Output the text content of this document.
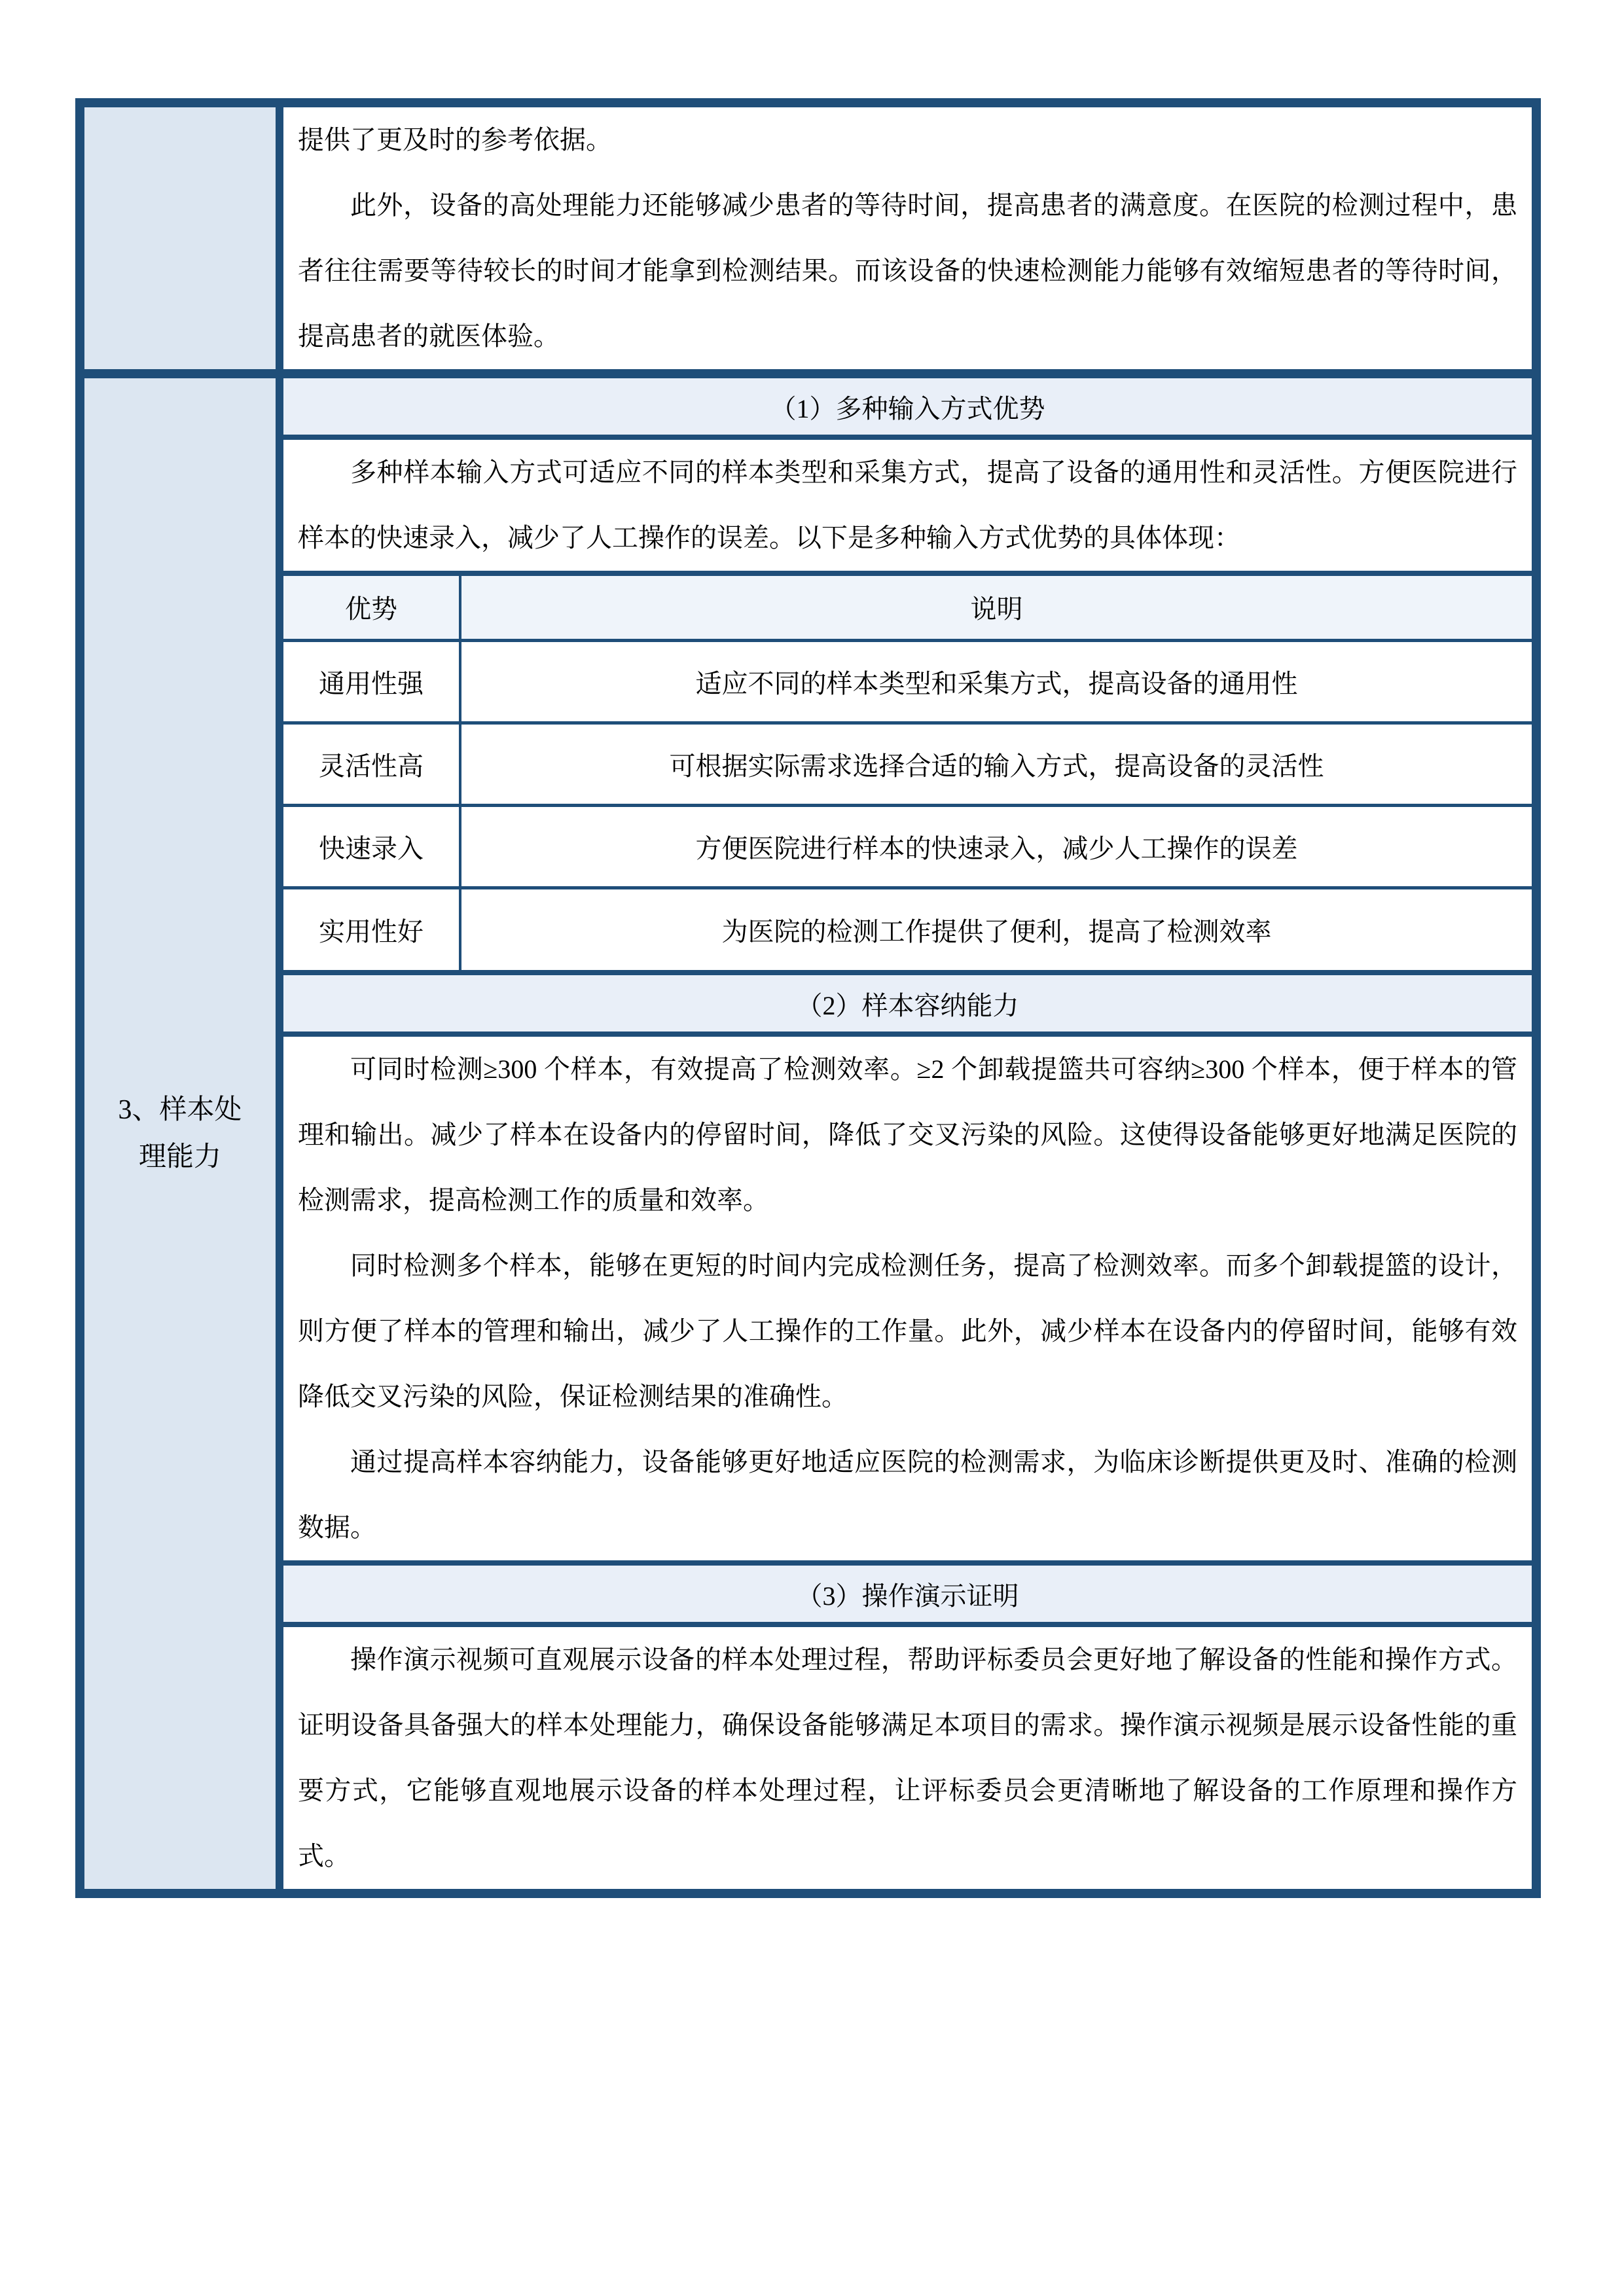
提供了更及时的参考依据。

此外，设备的高处理能力还能够减少患者的等待时间，提高患者的满意度。在医院的检测过程中，患者往往需要等待较长的时间才能拿到检测结果。而该设备的快速检测能力能够有效缩短患者的等待时间，提高患者的就医体验。

3、样本处理能力
（1）多种输入方式优势

多种样本输入方式可适应不同的样本类型和采集方式，提高了设备的通用性和灵活性。方便医院进行样本的快速录入，减少了人工操作的误差。以下是多种输入方式优势的具体体现：

优势	说明
通用性强	适应不同的样本类型和采集方式，提高设备的通用性
灵活性高	可根据实际需求选择合适的输入方式，提高设备的灵活性
快速录入	方便医院进行样本的快速录入，减少人工操作的误差
实用性好	为医院的检测工作提供了便利，提高了检测效率
（2）样本容纳能力

可同时检测≥300 个样本，有效提高了检测效率。≥2 个卸载提篮共可容纳≥300 个样本，便于样本的管理和输出。减少了样本在设备内的停留时间，降低了交叉污染的风险。这使得设备能够更好地满足医院的检测需求，提高检测工作的质量和效率。

同时检测多个样本，能够在更短的时间内完成检测任务，提高了检测效率。而多个卸载提篮的设计，则方便了样本的管理和输出，减少了人工操作的工作量。此外，减少样本在设备内的停留时间，能够有效降低交叉污染的风险，保证检测结果的准确性。

通过提高样本容纳能力，设备能够更好地适应医院的检测需求，为临床诊断提供更及时、准确的检测数据。

（3）操作演示证明

操作演示视频可直观展示设备的样本处理过程，帮助评标委员会更好地了解设备的性能和操作方式。证明设备具备强大的样本处理能力，确保设备能够满足本项目的需求。操作演示视频是展示设备性能的重要方式，它能够直观地展示设备的样本处理过程，让评标委员会更清晰地了解设备的工作原理和操作方式。
